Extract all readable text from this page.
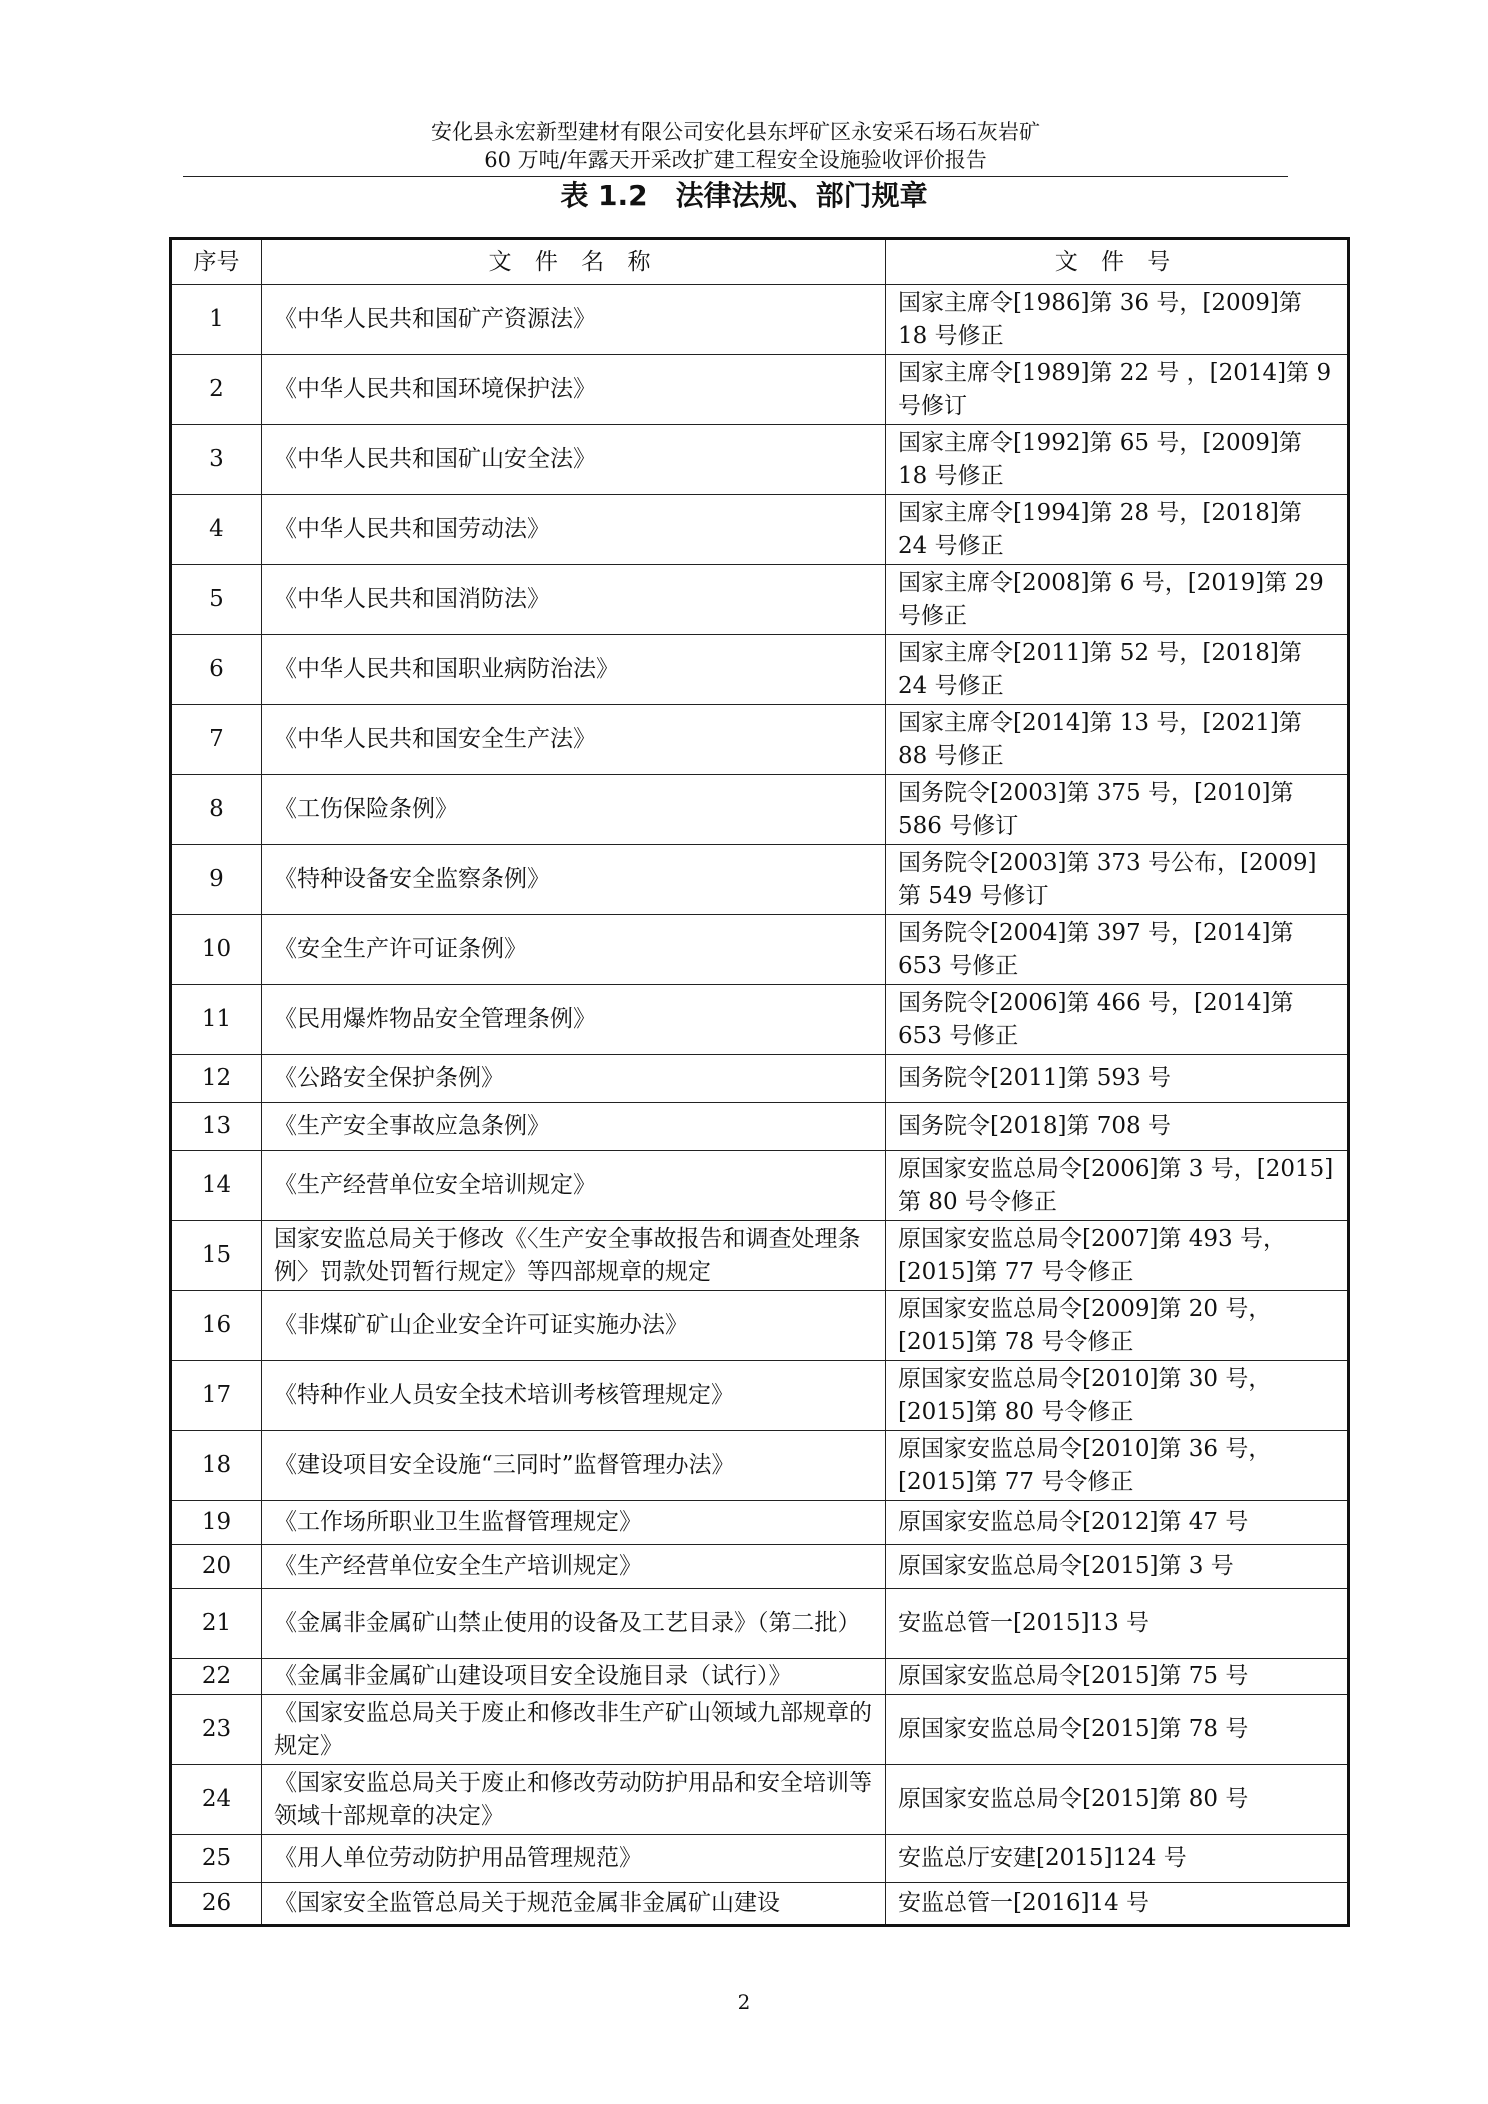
安化县永宏新型建材有限公司安化县东坪矿区永安采石场石灰岩矿
60 万吨/年露天开采改扩建工程安全设施验收评价报告
表 1.2　法律法规、部门规章
序号	文 件 名 称	文 件 号
1	《中华人民共和国矿产资源法》	国家主席令[1986]第 36 号，[2009]第 18 号修正
2	《中华人民共和国环境保护法》	国家主席令[1989]第 22 号 ，[2014]第 9 号修订
3	《中华人民共和国矿山安全法》	国家主席令[1992]第 65 号，[2009]第 18 号修正
4	《中华人民共和国劳动法》	国家主席令[1994]第 28 号，[2018]第 24 号修正
5	《中华人民共和国消防法》	国家主席令[2008]第 6 号，[2019]第 29 号修正
6	《中华人民共和国职业病防治法》	国家主席令[2011]第 52 号，[2018]第 24 号修正
7	《中华人民共和国安全生产法》	国家主席令[2014]第 13 号，[2021]第 88 号修正
8	《工伤保险条例》	国务院令[2003]第 375 号，[2010]第 586 号修订
9	《特种设备安全监察条例》	国务院令[2003]第 373 号公布，[2009]第 549 号修订
10	《安全生产许可证条例》	国务院令[2004]第 397 号，[2014]第 653 号修正
11	《民用爆炸物品安全管理条例》	国务院令[2006]第 466 号，[2014]第 653 号修正
12	《公路安全保护条例》	国务院令[2011]第 593 号
13	《生产安全事故应急条例》	国务院令[2018]第 708 号
14	《生产经营单位安全培训规定》	原国家安监总局令[2006]第 3 号，[2015]第 80 号令修正
15	国家安监总局关于修改《〈生产安全事故报告和调查处理条例〉罚款处罚暂行规定》等四部规章的规定	原国家安监总局令[2007]第 493 号，[2015]第 77 号令修正
16	《非煤矿矿山企业安全许可证实施办法》	原国家安监总局令[2009]第 20 号，[2015]第 78 号令修正
17	《特种作业人员安全技术培训考核管理规定》	原国家安监总局令[2010]第 30 号，[2015]第 80 号令修正
18	《建设项目安全设施“三同时”监督管理办法》	原国家安监总局令[2010]第 36 号，[2015]第 77 号令修正
19	《工作场所职业卫生监督管理规定》	原国家安监总局令[2012]第 47 号
20	《生产经营单位安全生产培训规定》	原国家安监总局令[2015]第 3 号
21	《金属非金属矿山禁止使用的设备及工艺目录》（第二批）	安监总管一[2015]13 号
22	《金属非金属矿山建设项目安全设施目录（试行）》	原国家安监总局令[2015]第 75 号
23	《国家安监总局关于废止和修改非生产矿山领域九部规章的规定》	原国家安监总局令[2015]第 78 号
24	《国家安监总局关于废止和修改劳动防护用品和安全培训等领域十部规章的决定》	原国家安监总局令[2015]第 80 号
25	《用人单位劳动防护用品管理规范》	安监总厅安建[2015]124 号
26	《国家安全监管总局关于规范金属非金属矿山建设	安监总管一[2016]14 号
2
